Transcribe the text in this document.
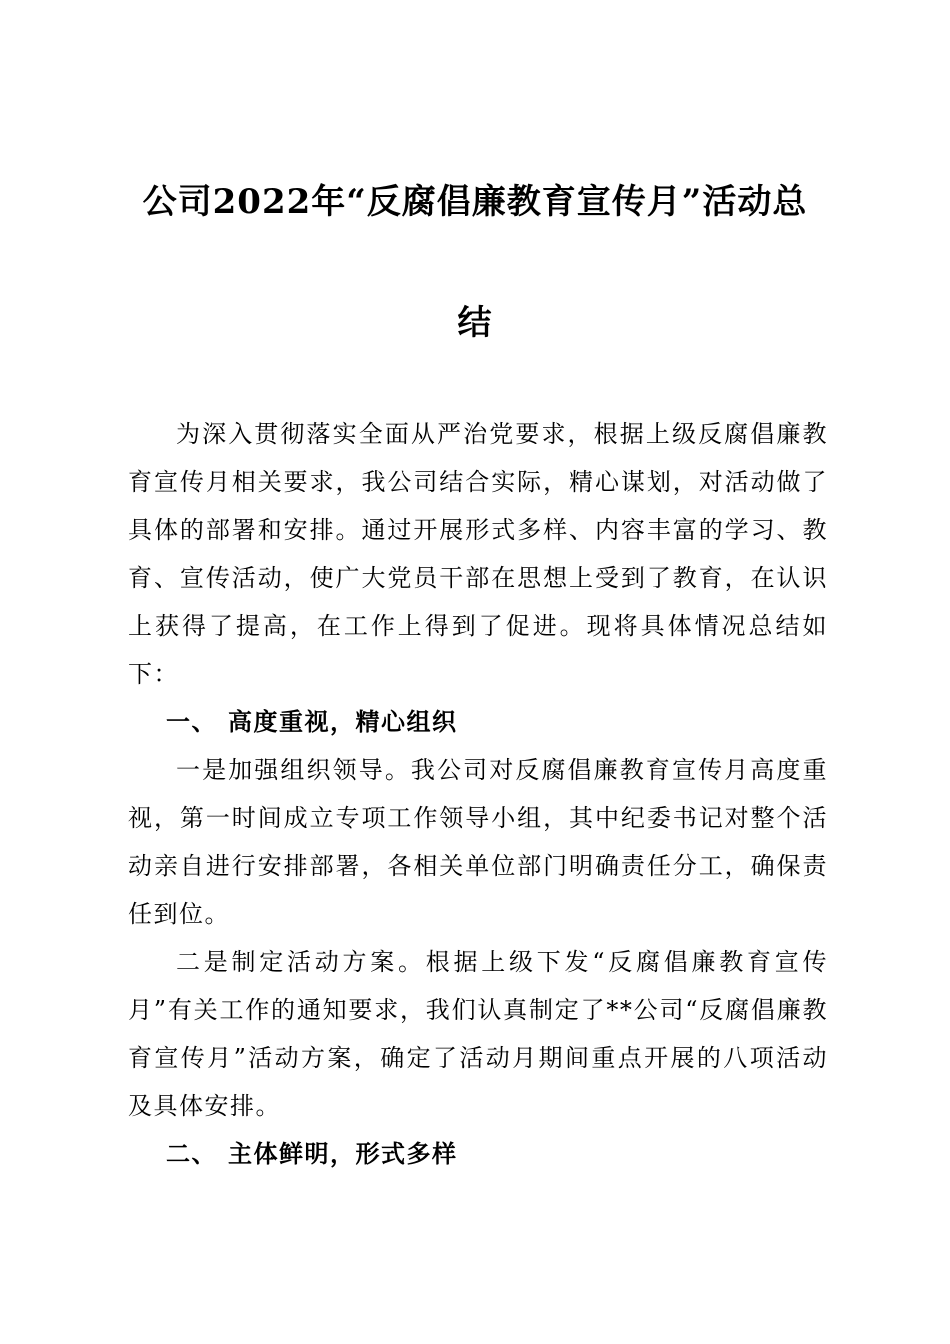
公司2022年“反腐倡廉教育宣传月”活动总
结

为深入贯彻落实全面从严治党要求，根据上级反腐倡廉教育宣传月相关要求，我公司结合实际，精心谋划，对活动做了具体的部署和安排。通过开展形式多样、内容丰富的学习、教育、宣传活动，使广大党员干部在思想上受到了教育，在认识上获得了提高，在工作上得到了促进。现将具体情况总结如下：

一、 高度重视，精心组织

一是加强组织领导。我公司对反腐倡廉教育宣传月高度重视，第一时间成立专项工作领导小组，其中纪委书记对整个活动亲自进行安排部署，各相关单位部门明确责任分工，确保责任到位。

二是制定活动方案。根据上级下发“反腐倡廉教育宣传月”有关工作的通知要求，我们认真制定了**公司“反腐倡廉教育宣传月”活动方案，确定了活动月期间重点开展的八项活动及具体安排。

二、 主体鲜明，形式多样
